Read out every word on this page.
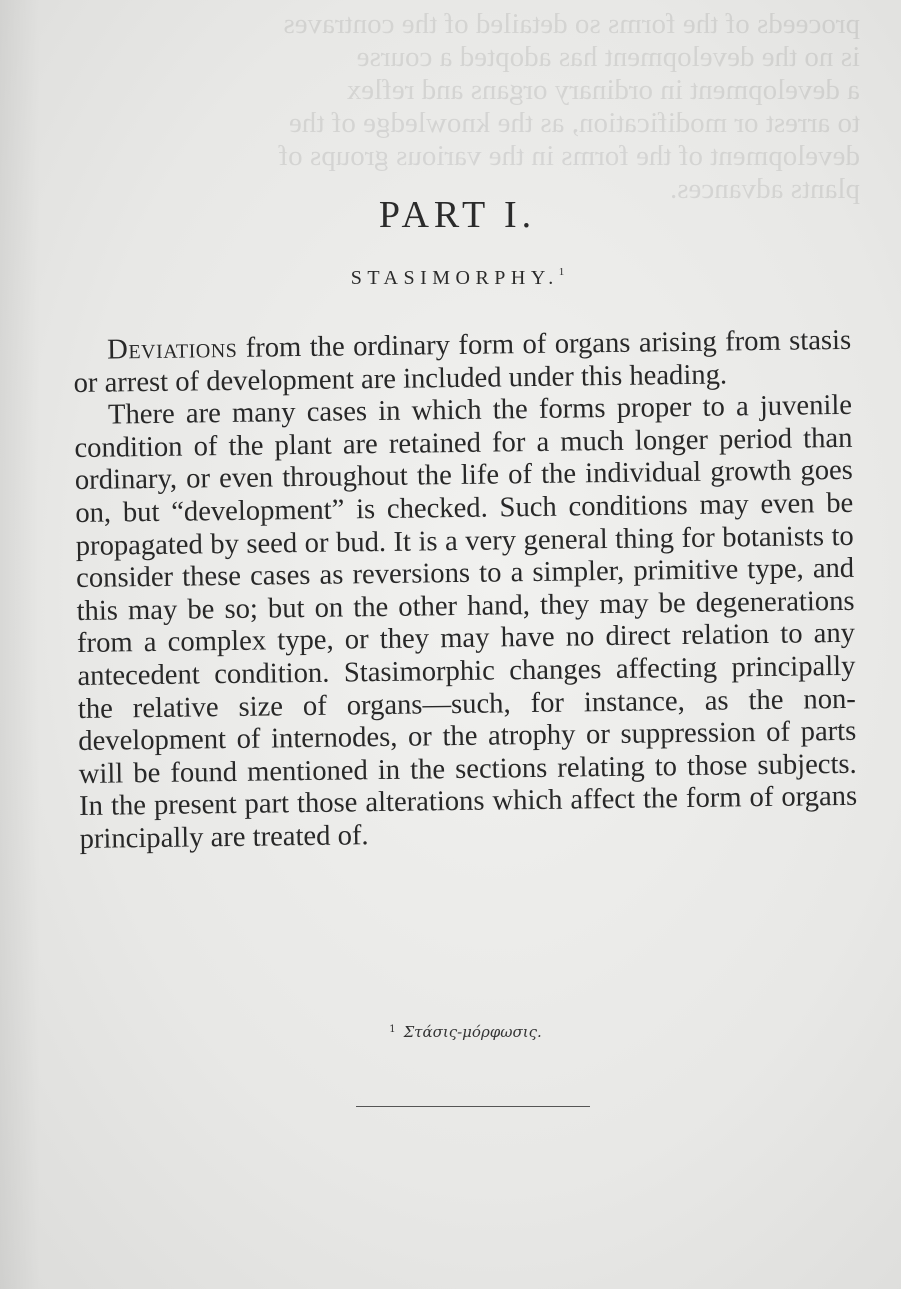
proceeds of the forms so detailed of the contraves

is no the development has adopted a course

a development in ordinary organs and reflex

to arrest or modification, as the knowledge of the

development of the forms in the various groups of

plants advances.

PART I.
STASIMORPHY.$^1$

Deviations from the ordinary form of organs arising from stasis or arrest of development are included under this heading.

There are many cases in which the forms proper to a juvenile condition of the plant are retained for a much longer period than ordinary, or even throughout the life of the individual growth goes on, but “development” is checked. Such conditions may even be propagated by seed or bud. It is a very general thing for botanists to consider these cases as reversions to a simpler, primitive type, and this may be so; but on the other hand, they may be degenerations from a complex type, or they may have no direct relation to any antecedent condition. Stasimorphic changes affecting principally the relative size of organs—such, for instance, as the non-development of internodes, or the atrophy or suppression of parts will be found mentioned in the sections relating to those subjects. In the present part those alterations which affect the form of organs principally are treated of.

$^1$ Στάσις-μόρφωσις.
